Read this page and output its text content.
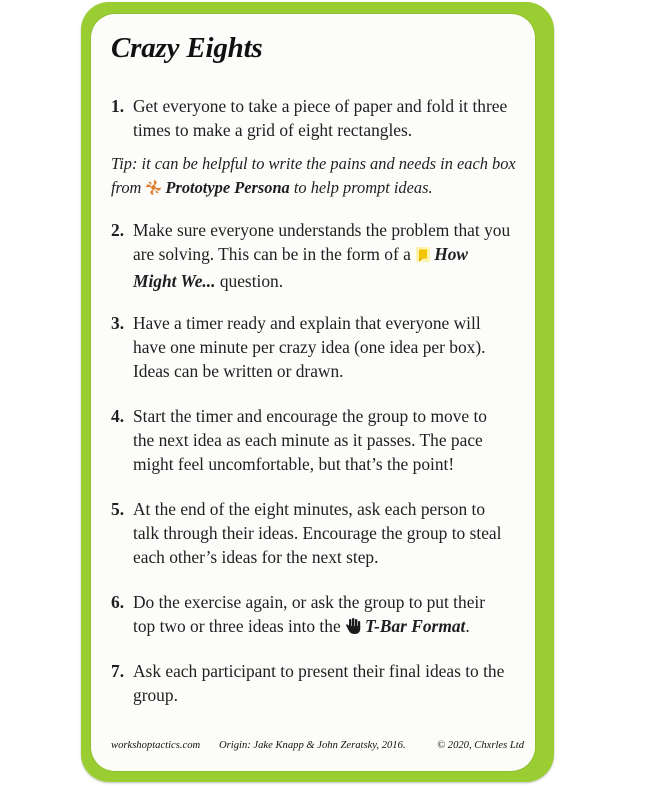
Crazy Eights
1. Get everyone to take a piece of paper and fold it three times to make a grid of eight rectangles.
Tip: it can be helpful to write the pains and needs in each box from Prototype Persona to help prompt ideas.
2. Make sure everyone understands the problem that you are solving. This can be in the form of a How Might We... question.
3. Have a timer ready and explain that everyone will have one minute per crazy idea (one idea per box). Ideas can be written or drawn.
4. Start the timer and encourage the group to move to the next idea as each minute as it passes. The pace might feel uncomfortable, but that’s the point!
5. At the end of the eight minutes, ask each person to talk through their ideas. Encourage the group to steal each other’s ideas for the next step.
6. Do the exercise again, or ask the group to put their top two or three ideas into the T-Bar Format.
7. Ask each participant to present their final ideas to the group.
workshoptactics.com Origin: Jake Knapp & John Zeratsky, 2016.	© 2020, Chxrles Ltd
